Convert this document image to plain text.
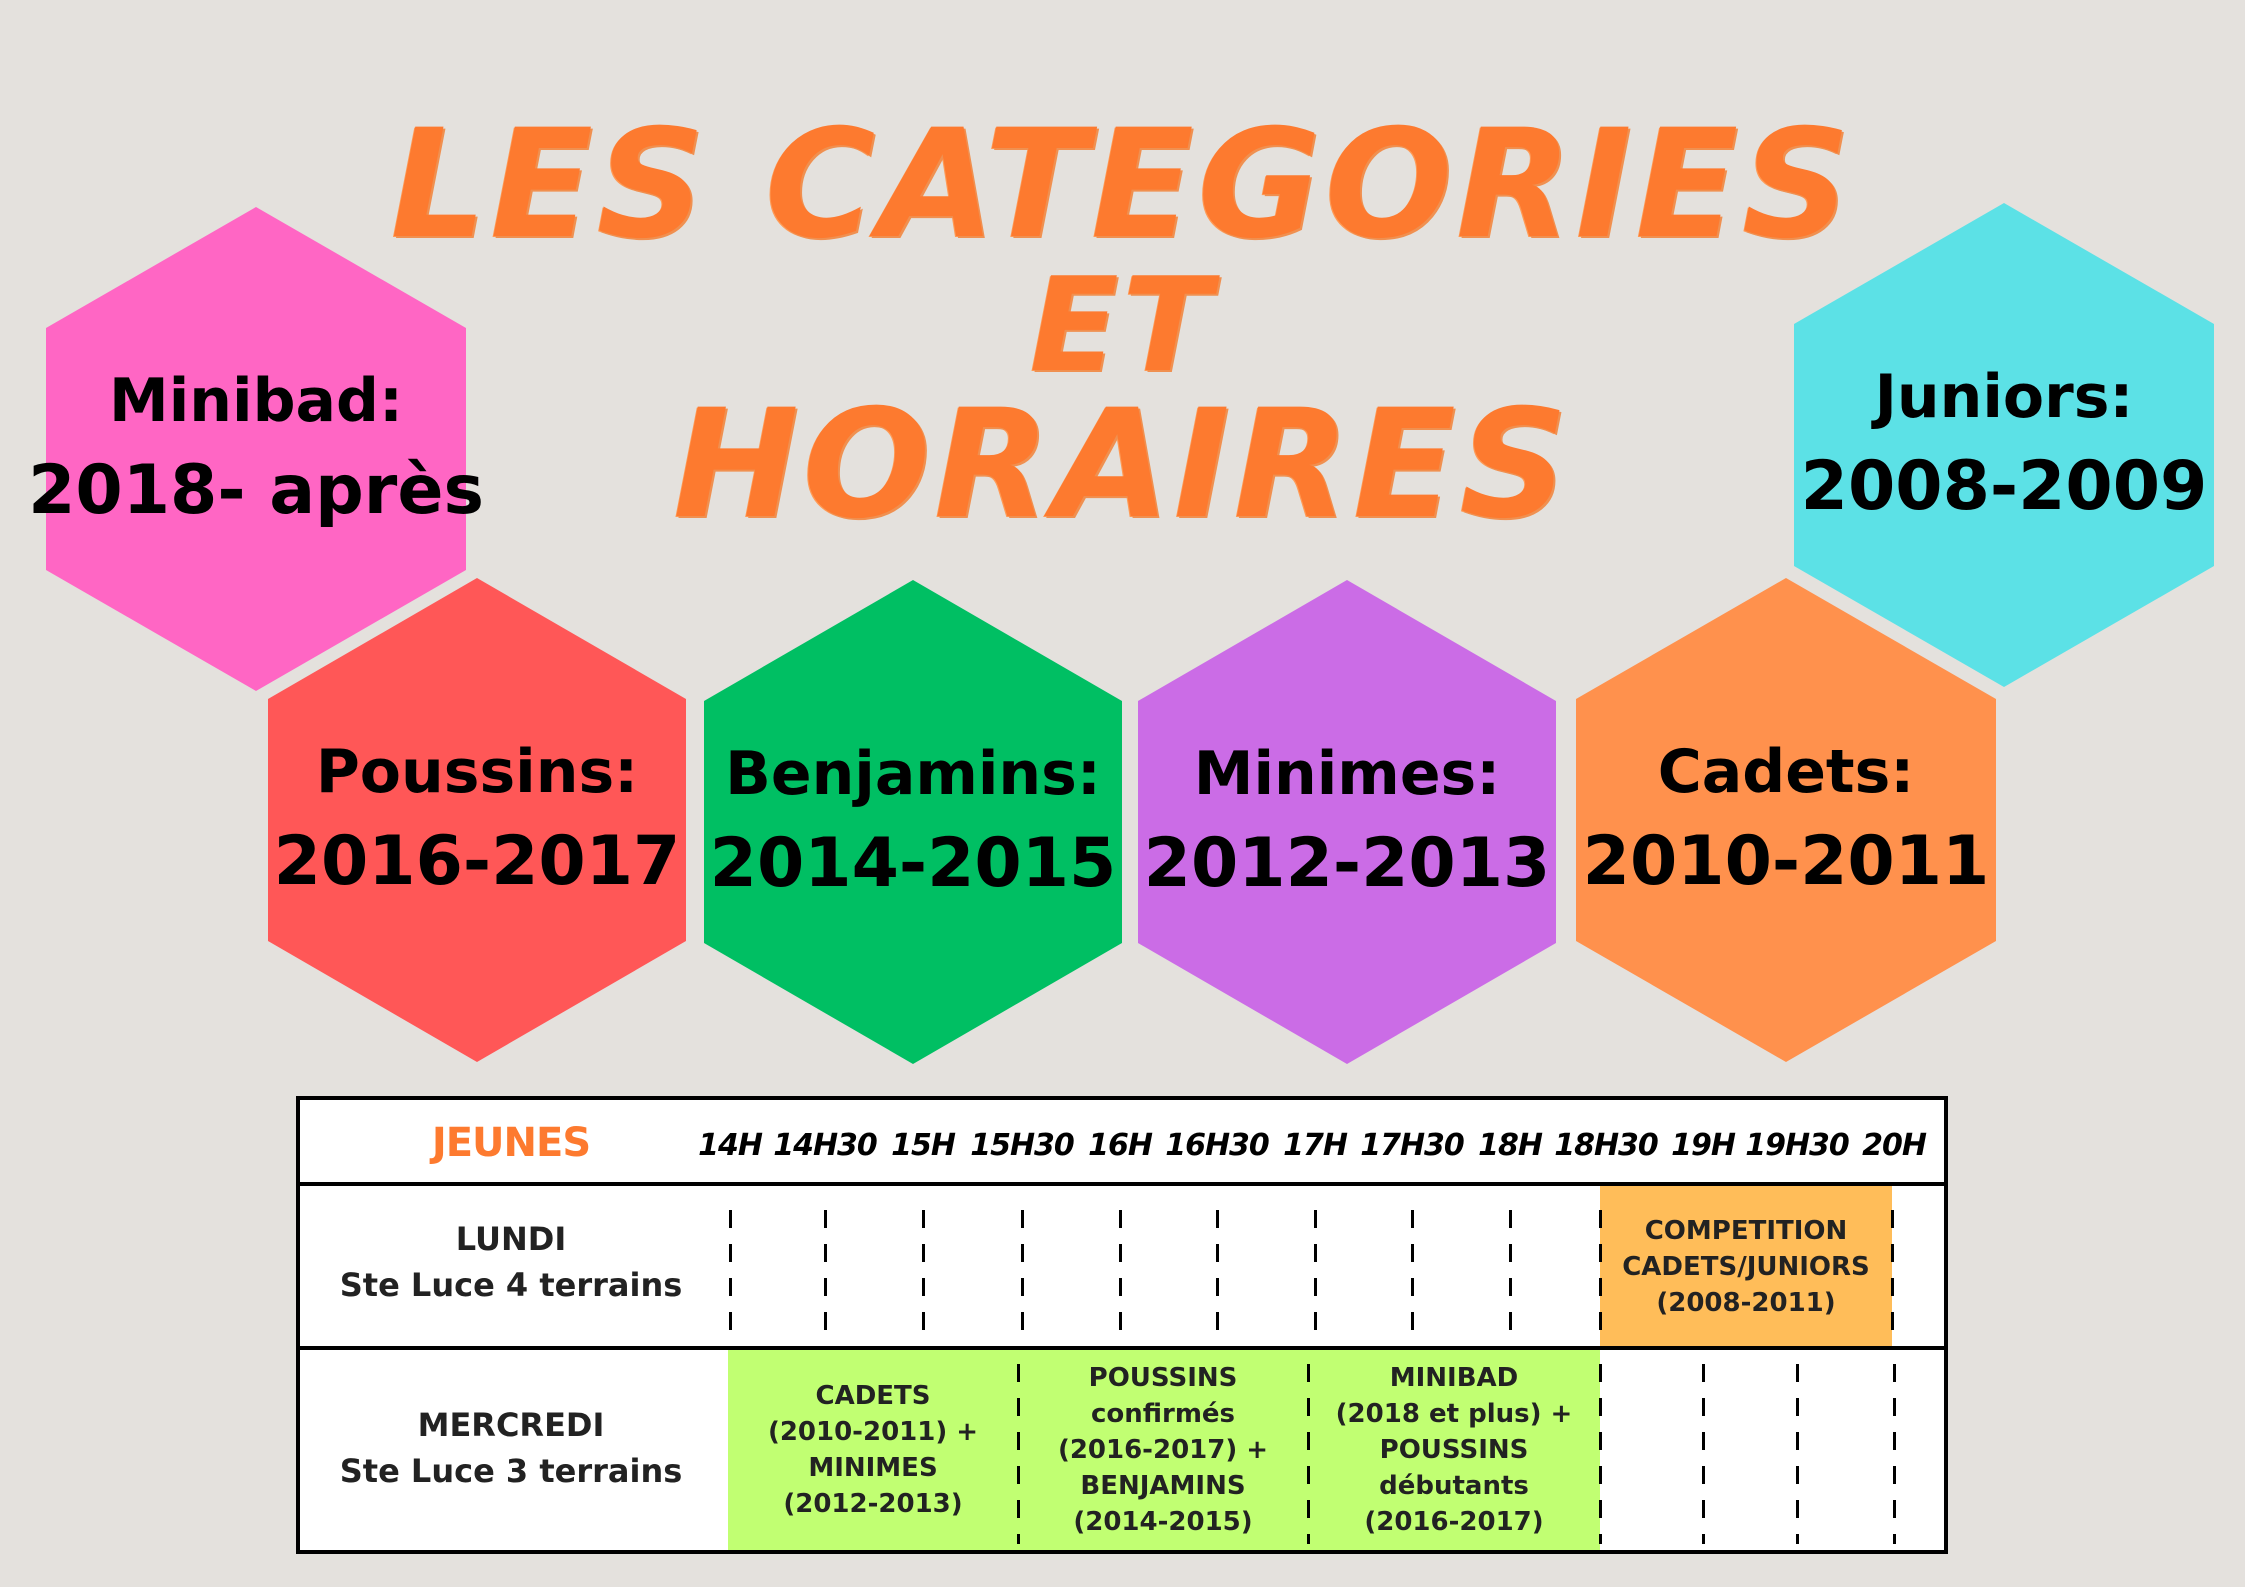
LES CATEGORIES
ET
HORAIRES
Minibad:
2018- après
Poussins:
2016-2017
Benjamins:
2014-2015
Minimes:
2012-2013
Cadets:
2010-2011
Juniors:
2008-2009
COMPETITION
CADETS/JUNIORS
(2008-2011)
CADETS
(2010-2011) +
MINIMES
(2012-2013)
POUSSINS confirmés
(2016-2017) +
BENJAMINS
(2014-2015)
MINIBAD
(2018 et plus) +
POUSSINS débutants
(2016-2017)
JEUNES	14H 14H30 15H 15H30 16H 16H30 17H 17H30 18H 18H30 19H 19H30 20H
LUNDI
Ste Luce 4 terrains
MERCREDI
Ste Luce 3 terrains
